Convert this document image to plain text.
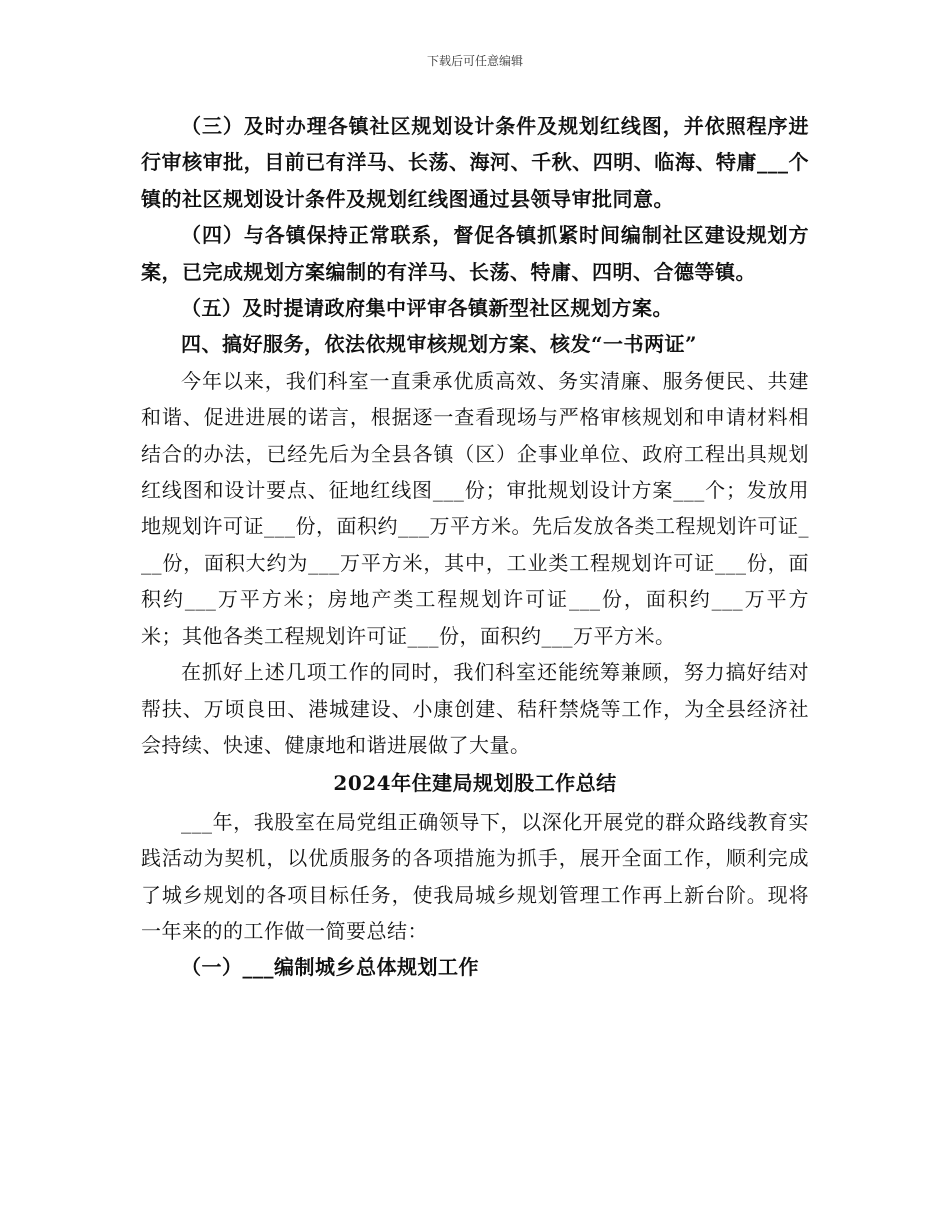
下载后可任意编辑

（三）及时办理各镇社区规划设计条件及规划红线图，并依照程序进行审核审批，目前已有洋马、长荡、海河、千秋、四明、临海、特庸___个镇的社区规划设计条件及规划红线图通过县领导审批同意。

（四）与各镇保持正常联系，督促各镇抓紧时间编制社区建设规划方案，已完成规划方案编制的有洋马、长荡、特庸、四明、合德等镇。

（五）及时提请政府集中评审各镇新型社区规划方案。

四、搞好服务，依法依规审核规划方案、核发“一书两证”

今年以来，我们科室一直秉承优质高效、务实清廉、服务便民、共建和谐、促进进展的诺言，根据逐一查看现场与严格审核规划和申请材料相结合的办法，已经先后为全县各镇（区）企事业单位、政府工程出具规划红线图和设计要点、征地红线图___份；审批规划设计方案___个；发放用地规划许可证___份，面积约___万平方米。先后发放各类工程规划许可证___份，面积大约为___万平方米，其中，工业类工程规划许可证___份，面积约___万平方米；房地产类工程规划许可证___份，面积约___万平方米；其他各类工程规划许可证___份，面积约___万平方米。

在抓好上述几项工作的同时，我们科室还能统筹兼顾，努力搞好结对帮扶、万顷良田、港城建设、小康创建、秸秆禁烧等工作，为全县经济社会持续、快速、健康地和谐进展做了大量。

2024年住建局规划股工作总结

___年，我股室在局党组正确领导下，以深化开展党的群众路线教育实践活动为契机，以优质服务的各项措施为抓手，展开全面工作，顺利完成了城乡规划的各项目标任务，使我局城乡规划管理工作再上新台阶。现将一年来的的工作做一简要总结：

（一）___编制城乡总体规划工作
